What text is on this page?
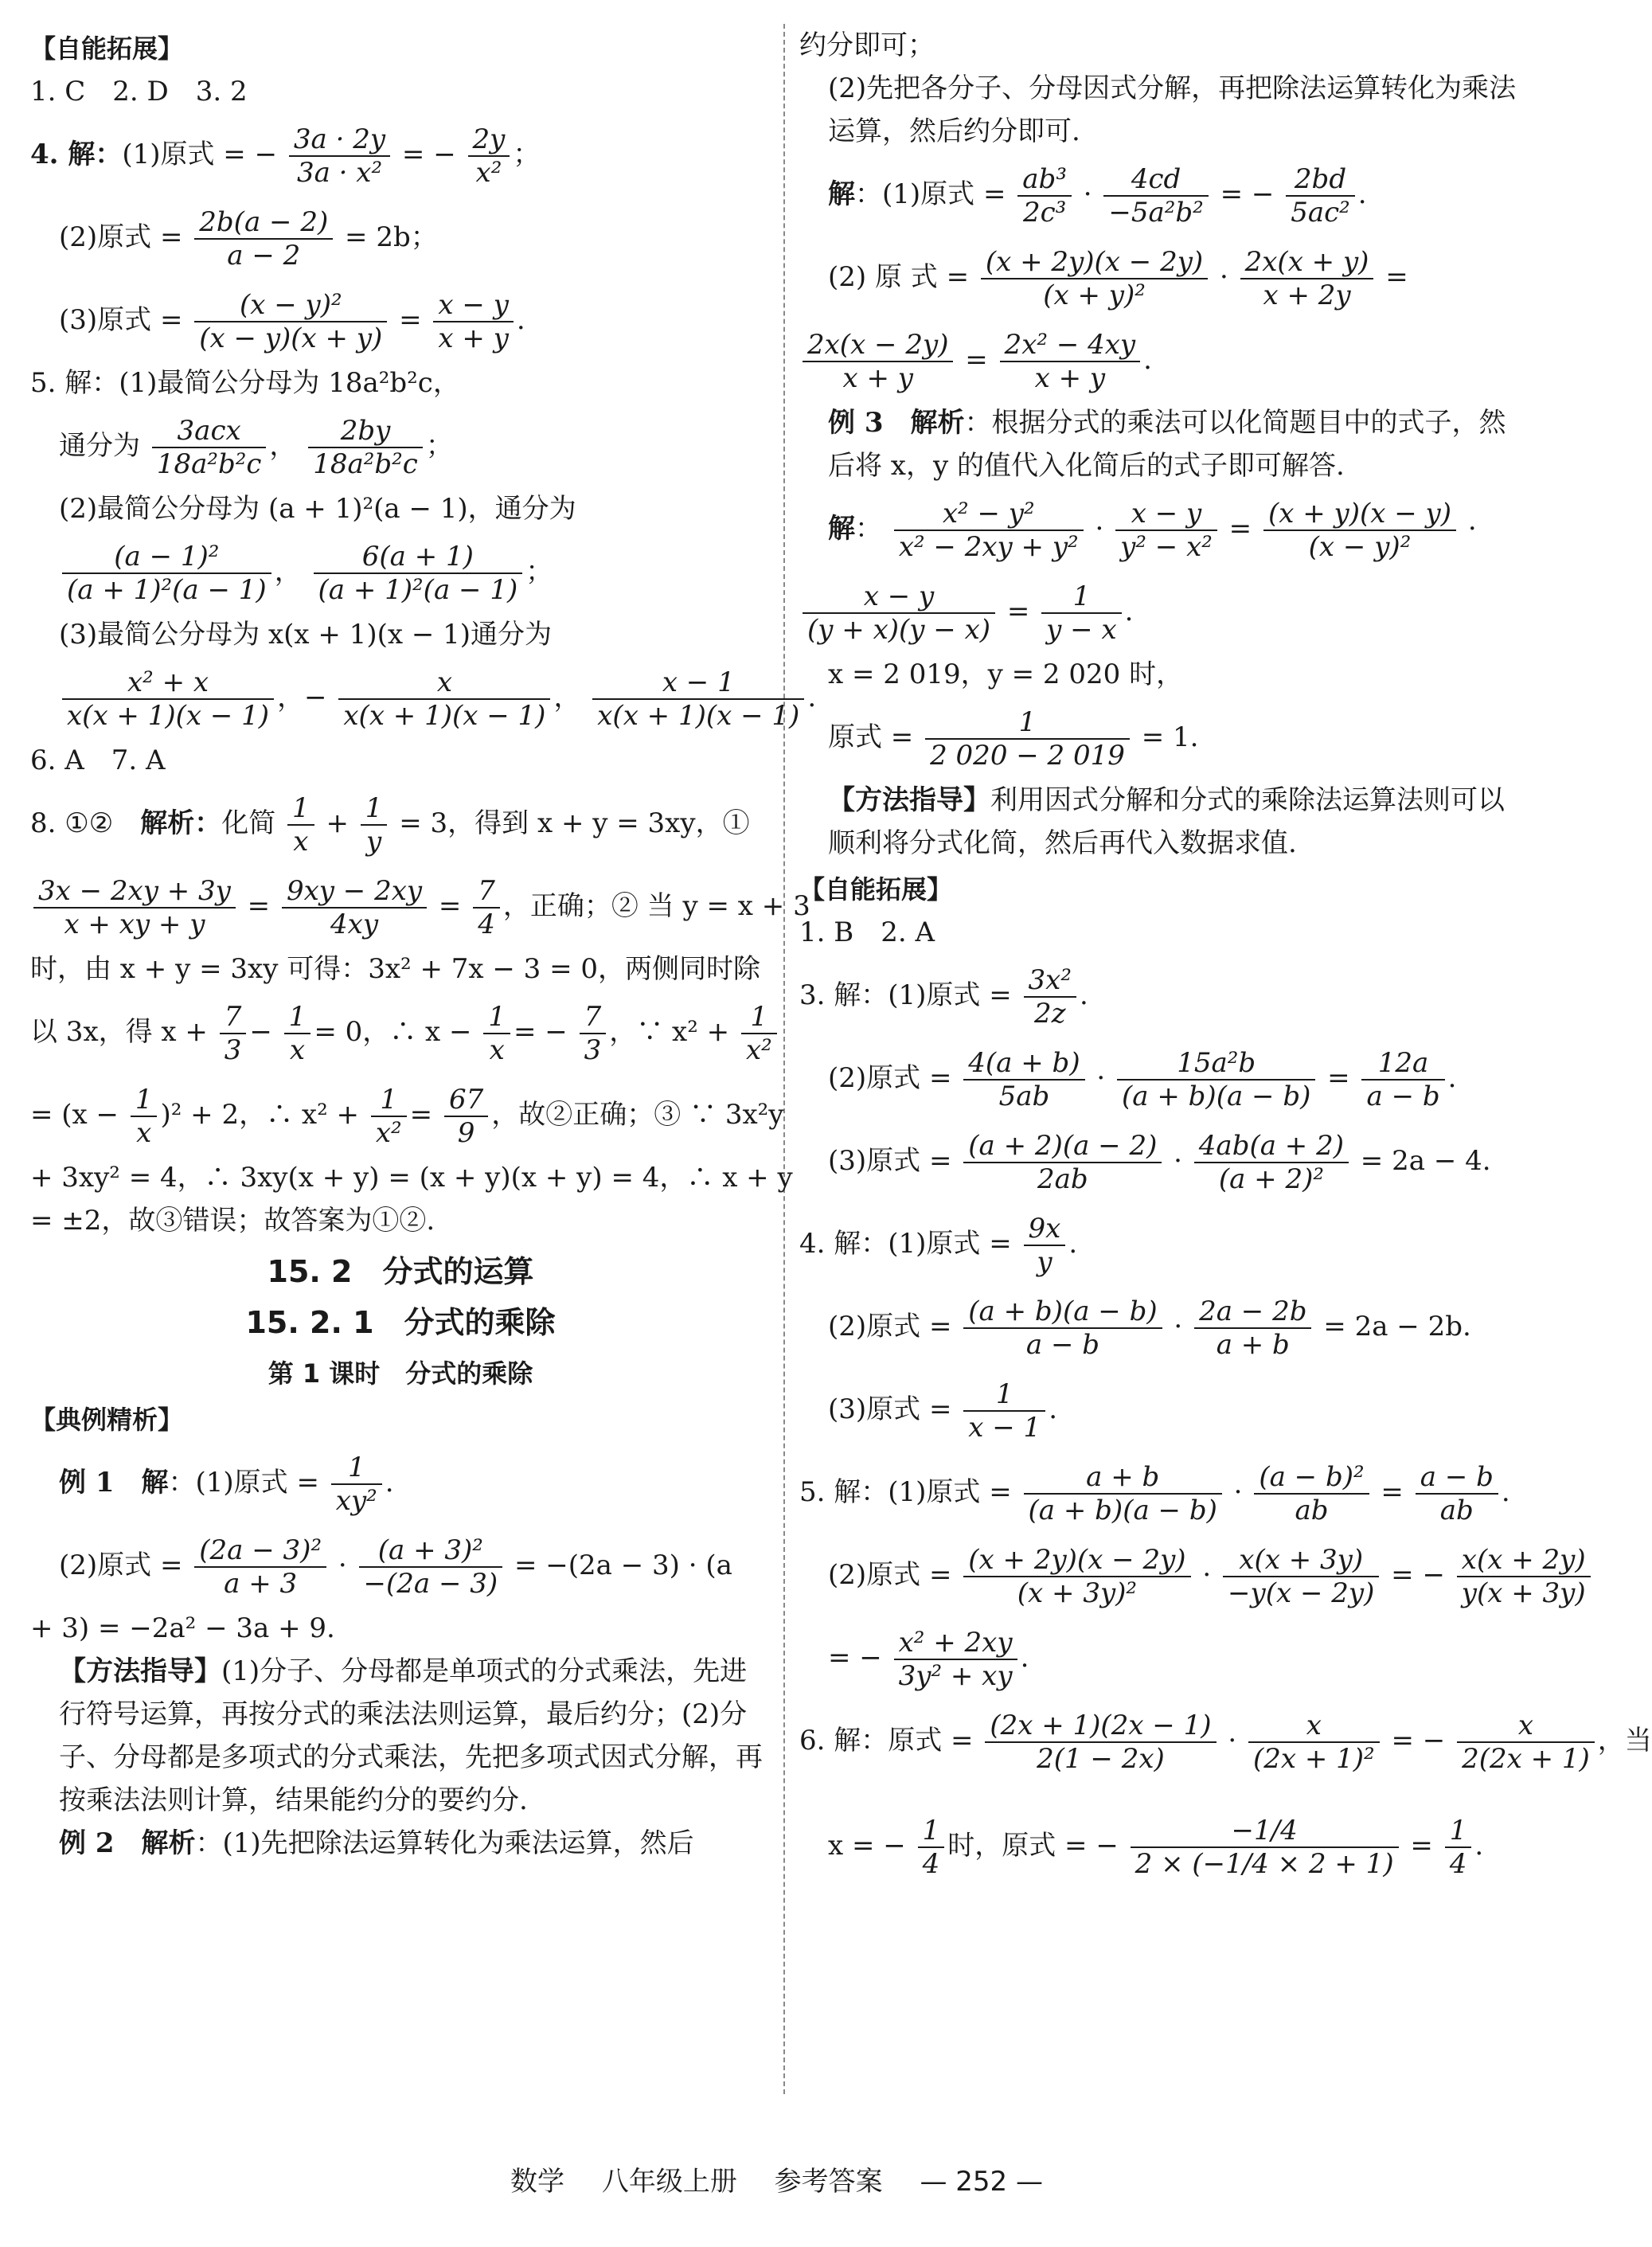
【自能拓展】
1. C　2. D　3. 2
4. 解：(1)原式 = − $\frac{3a \cdot 2y}{\text{3a · x²}}$ = − $\frac{2y}{\text{x²}}$ ；
(2)原式 = $\frac{2b(a - 2)}{a - 2} = 2b$；
(3)原式 = $\frac{\text{(x − y)²}}{(x - y)(x + y)} = \frac{x - y}{x + y}$ .
5. 解：(1)最简公分母为 18a²b²c，
通分为 $\frac{\text{3acx}}{\text{18a²b²c}}$ ， $\frac{2by}{\text{18a²b²c}}$ ；
(2)最简公分母为 (a + 1)²(a − 1)，通分为
$\frac{\text{(a − 1)²}}{\text{(a + 1)²(a − 1)}}$ ， $\frac{6(a + 1)}{\text{(a + 1)²(a − 1)}}$ ；
(3)最简公分母为 x(x + 1)(x − 1)通分为
$\frac{\text{x² + x}}{x(x + 1)(x - 1)}$ ，− $\frac{x}{x(x + 1)(x - 1)}$ ， $\frac{x - 1}{x(x + 1)(x - 1)}$ .
6. A　7. A
8. ①②　解析：化简 $\frac{1}{x} + \frac{1}{y} = 3$，得到 x + y = 3xy，①
$\frac{3x - 2xy + 3y}{x + xy + y} = \frac{9xy - 2xy}{4xy} = \frac{7}{4}$ ，正确；② 当 y = x + 3
时，由 x + y = 3xy 可得：3x² + 7x − 3 = 0，两侧同时除
以 3x，得 $x + \frac{7}{3} - \frac{1}{x} = 0$，∴ $x - \frac{1}{x}$ = − $\frac{7}{3}$ ，∵ $x^2 + \frac{1}{\text{x²}}$
= $(x - \frac{1}{x} )^2 + 2$，∴ $x^2 + \frac{1}{\text{x²}} = \frac{67}{9}$ ，故②正确；③ ∵ 3x²y
+ 3xy² = 4，∴ 3xy(x + y) = (x + y)(x + y) = 4，∴ x + y
= ±2，故③错误；故答案为①②.
15. 2　分式的运算
15. 2. 1　分式的乘除
第 1 课时　分式的乘除
【典例精析】
例 1　 解：(1)原式 = $\frac{1}{\text{xy²}}$ .
(2)原式 = $\frac{\text{(2a − 3)²}}{a + 3} \cdot \frac{\text{(a + 3)²}}{-(2a - 3)} = -(2a - 3) \cdot (a$
+ 3) = −2a² − 3a + 9.
【方法指导】(1)分子、分母都是单项式的分式乘法，先进行符号运算，再按分式的乘法法则运算，最后约分；(2)分子、分母都是多项式的分式乘法，先把多项式因式分解，再按乘法法则计算，结果能约分的要约分.
例 2　 解析：(1)先把除法运算转化为乘法运算，然后
约分即可；
(2)先把各分子、分母因式分解，再把除法运算转化为乘法运算，然后约分即可.
解：(1)原式 = $\frac{\text{ab³}}{\text{2c³}} \cdot \frac{4cd}{\text{−5a²b²}}$ = − $\frac{2bd}{\text{5ac²}}$ .
(2) 原 式 = $\frac{(x + 2y)(x - 2y)}{\text{(x + y)²}} \cdot \frac{2x(x + y)}{x + 2y}$ =
$\frac{2x(x - 2y)}{x + y} = \frac{\text{2x² − 4xy}}{x + y}$ .
例 3　 解析：根据分式的乘法可以化简题目中的式子，然后将 x，y 的值代入化简后的式子即可解答.
解： $\frac{\text{x² − y²}}{\text{x² − 2xy + y²}} \cdot \frac{x - y}{\text{y² − x²}} = \frac{(x + y)(x - y)}{\text{(x − y)²}}$ ·
$\frac{x - y}{(y + x)(y - x)} = \frac{1}{y - x}$ .
x = 2 019，y = 2 020 时，
原式 = $\frac{1}{2 020 - 2 019} = 1$.
【方法指导】利用因式分解和分式的乘除法运算法则可以顺利将分式化简，然后再代入数据求值.
【自能拓展】
1. B　2. A
3. 解：(1)原式 = $\frac{\text{3x²}}{2z}$ .
(2)原式 = $\frac{4(a + b)}{5ab} \cdot \frac{\text{15a²b}}{(a + b)(a - b)} = \frac{12a}{a - b}$ .
(3)原式 = $\frac{(a + 2)(a - 2)}{2ab} \cdot \frac{4ab(a + 2)}{\text{(a + 2)²}} = 2a - 4$.
4. 解：(1)原式 = $\frac{9x}{y}$ .
(2)原式 = $\frac{(a + b)(a - b)}{a - b} \cdot \frac{2a - 2b}{a + b} = 2a - 2b$.
(3)原式 = $\frac{1}{x - 1}$ .
5. 解：(1)原式 = $\frac{a + b}{(a + b)(a - b)} \cdot \frac{\text{(a − b)²}}{ab} = \frac{a - b}{ab}$ .
(2)原式 = $\frac{(x + 2y)(x - 2y)}{\text{(x + 3y)²}} \cdot \frac{x(x + 3y)}{-y(x - 2y)}$ = − $\frac{x(x + 2y)}{y(x + 3y)}$
= − $\frac{\text{x² + 2xy}}{\text{3y² + xy}}$ .
6. 解：原式 = $\frac{(2x + 1)(2x - 1)}{2(1 - 2x)} \cdot \frac{x}{\text{(2x + 1)²}}$ = − $\frac{x}{2(2x + 1)}$ ，当
x = − $\frac{1}{4}$ 时，原式 = − $\frac{-1/4}{2 \times (-1/4 \times 2 + 1)} = \frac{1}{4}$ .
数学 八年级上册 参考答案 — 252 —
